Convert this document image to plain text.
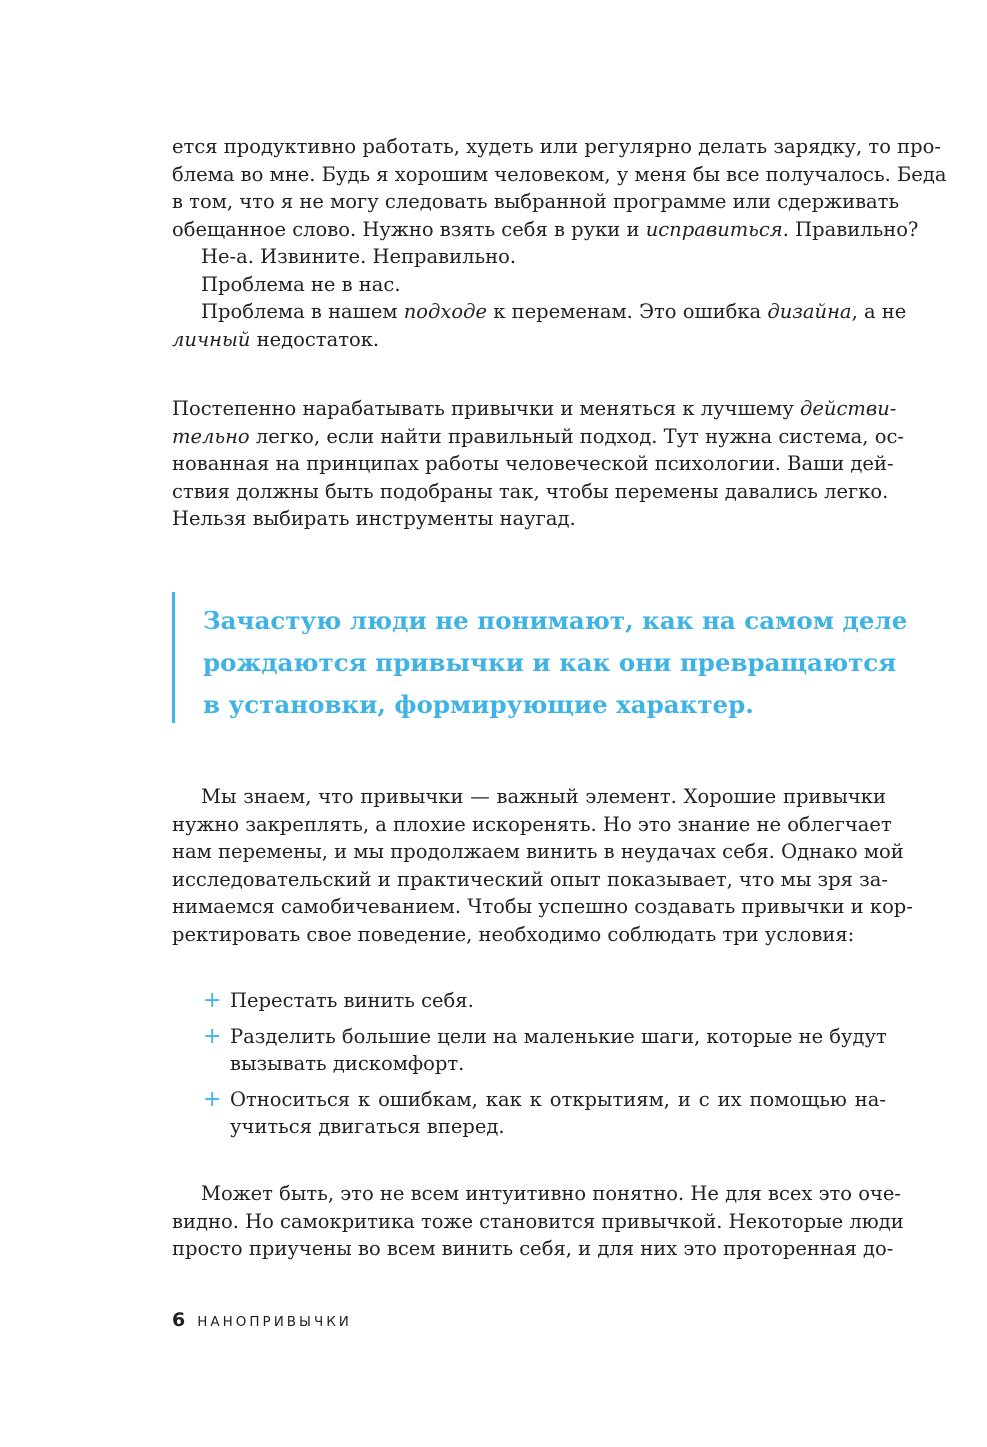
ется продуктивно работать, худеть или регулярно делать зарядку, то про-
блема во мне. Будь я хорошим человеком, у меня бы все получалось. Беда
в том, что я не могу следовать выбранной программе или сдерживать
обещанное слово. Нужно взять себя в руки и исправиться. Правильно?
Не-а. Извините. Неправильно.
Проблема не в нас.
Проблема в нашем подходе к переменам. Это ошибка дизайна, а не
личный недостаток.
Постепенно нарабатывать привычки и меняться к лучшему действи-
тельно легко, если найти правильный подход. Тут нужна система, ос-
нованная на принципах работы человеческой психологии. Ваши дей-
ствия должны быть подобраны так, чтобы перемены давались легко.
Нельзя выбирать инструменты наугад.
Зачастую люди не понимают, как на самом деле
рождаются привычки и как они превращаются
в установки, формирующие характер.
Мы знаем, что привычки — важный элемент. Хорошие привычки
нужно закреплять, а плохие искоренять. Но это знание не облегчает
нам перемены, и мы продолжаем винить в неудачах себя. Однако мой
исследовательский и практический опыт показывает, что мы зря за-
нимаемся самобичеванием. Чтобы успешно создавать привычки и кор-
ректировать свое поведение, необходимо соблюдать три условия:
+ Перестать винить себя.
+ Разделить большие цели на маленькие шаги, которые не будут
вызывать дискомфорт.
+ Относиться к ошибкам, как к открытиям, и с их помощью на-
учиться двигаться вперед.
Может быть, это не всем интуитивно понятно. Не для всех это оче-
видно. Но самокритика тоже становится привычкой. Некоторые люди
просто приучены во всем винить себя, и для них это проторенная до-
6 НАНОПРИВЫЧКИ
